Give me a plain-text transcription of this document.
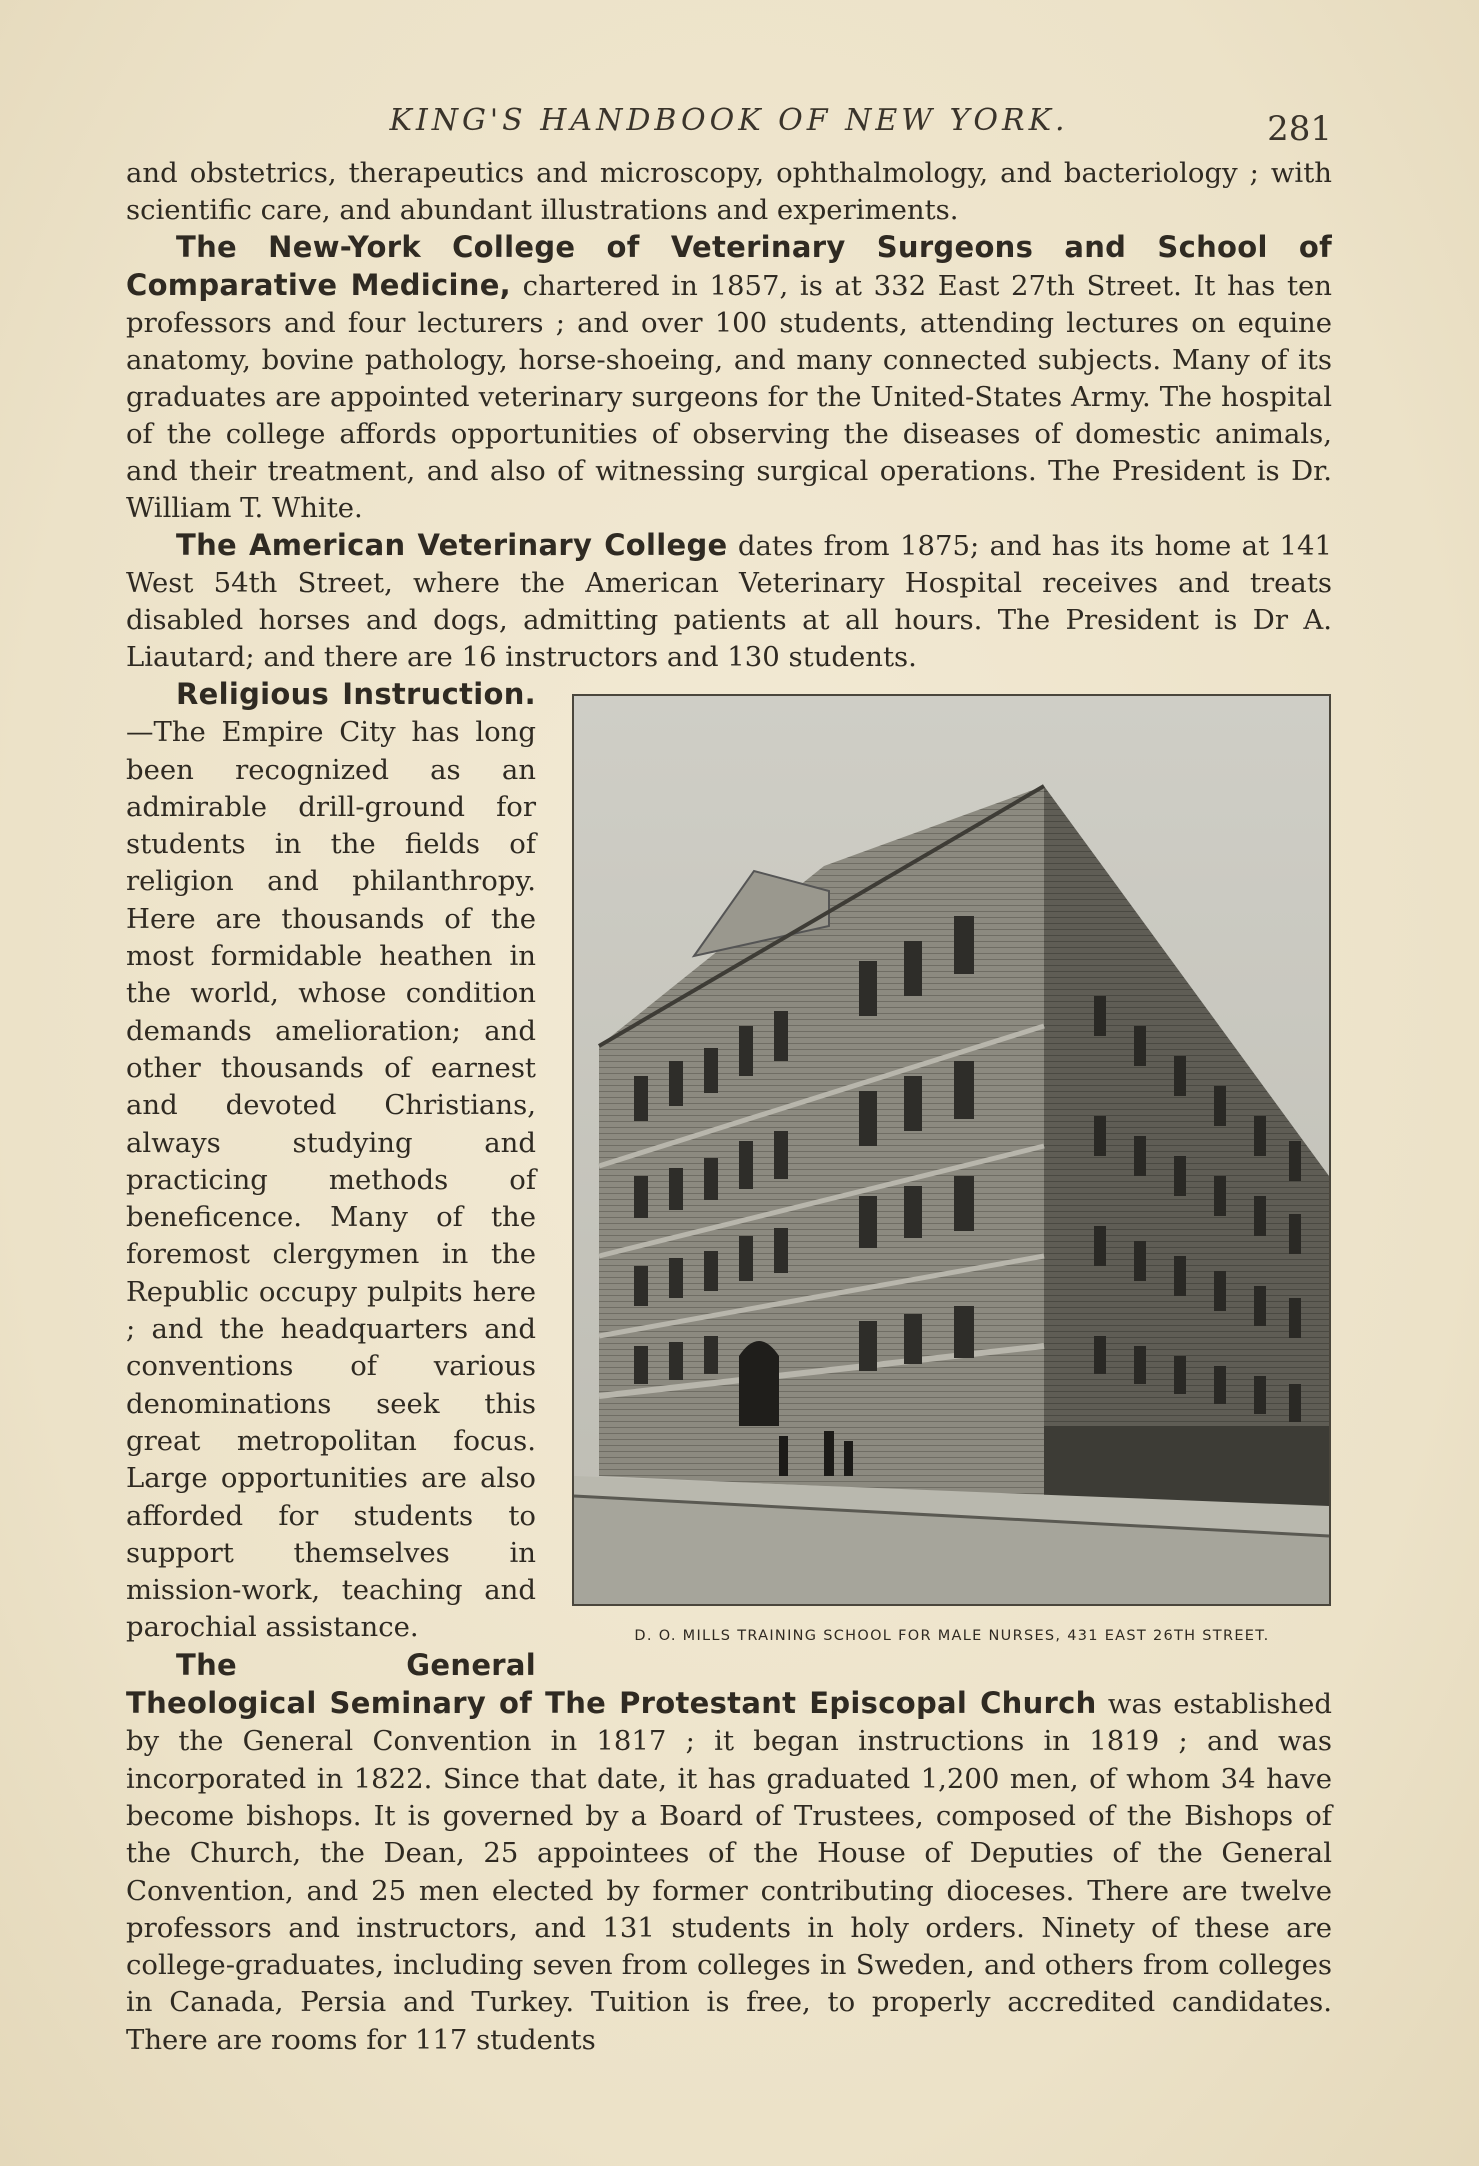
KING'S HANDBOOK OF NEW YORK.	281

and obstetrics, therapeutics and microscopy, ophthalmology, and bacteriology ; with scientific care, and abundant illustrations and experiments.

The New-York College of Veterinary Surgeons and School of Comparative Medicine, chartered in 1857, is at 332 East 27th Street. It has ten professors and four lecturers ; and over 100 students, attending lectures on equine anatomy, bovine pathology, horse-shoeing, and many connected subjects. Many of its graduates are appointed veterinary surgeons for the United-States Army. The hospital of the college affords opportunities of observing the diseases of domestic animals, and their treatment, and also of witnessing surgical operations. The President is Dr. William T. White.

The American Veterinary College dates from 1875; and has its home at 141 West 54th Street, where the American Veterinary Hospital receives and treats disabled horses and dogs, admitting patients at all hours. The President is Dr A. Liautard; and there are 16 instructors and 130 students.

D. O. MILLS TRAINING SCHOOL FOR MALE NURSES, 431 EAST 26TH STREET.

Religious Instruction.—The Empire City has long been recognized as an admirable drill-ground for students in the fields of religion and philanthropy. Here are thousands of the most formidable heathen in the world, whose condition demands amelioration; and other thousands of earnest and devoted Christians, always studying and practicing methods of beneficence. Many of the foremost clergymen in the Republic occupy pulpits here ; and the headquarters and conventions of various denominations seek this great metropolitan focus. Large opportunities are also afforded for students to support themselves in mission-work, teaching and parochial assistance.

The General Theological Seminary of The Protestant Episcopal Church was established by the General Convention in 1817 ; it began instructions in 1819 ; and was incorporated in 1822. Since that date, it has graduated 1,200 men, of whom 34 have become bishops. It is governed by a Board of Trustees, composed of the Bishops of the Church, the Dean, 25 appointees of the House of Deputies of the General Convention, and 25 men elected by former contributing dioceses. There are twelve professors and instructors, and 131 students in holy orders. Ninety of these are college-graduates, including seven from colleges in Sweden, and others from colleges in Canada, Persia and Turkey. Tuition is free, to properly accredited candidates. There are rooms for 117 students
